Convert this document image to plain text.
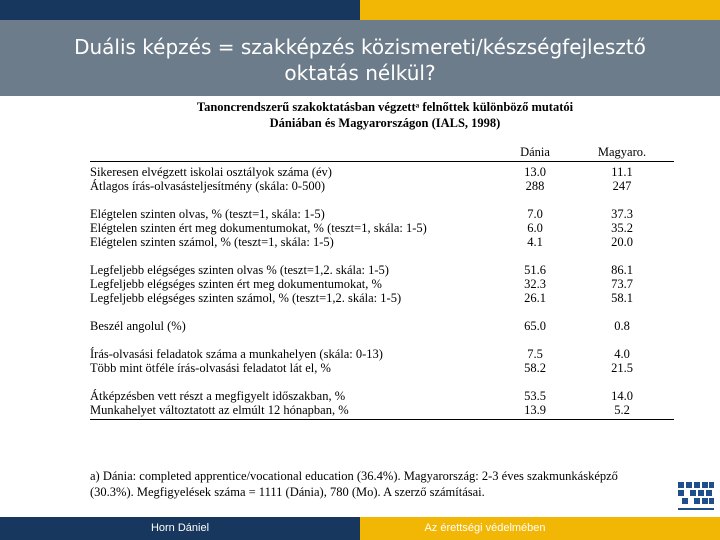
Duális képzés = szakképzés közismereti/készségfejlesztő
oktatás nélkül?
Tanoncrendszerű szakoktatásban végzettᵃ felnőttek különböző mutatói
Dániában és Magyarországon (IALS, 1998)
	Dánia	Magyaro.
Sikeresen elvégzett iskolai osztályok száma (év)	13.0	11.1
Átlagos írás-olvasásteljesítmény (skála: 0-500)	288	247

Elégtelen szinten olvas, % (teszt=1, skála: 1-5)	7.0	37.3
Elégtelen szinten ért meg dokumentumokat, % (teszt=1, skála: 1-5)	6.0	35.2
Elégtelen szinten számol, % (teszt=1, skála: 1-5)	4.1	20.0

Legfeljebb elégséges szinten olvas % (teszt=1,2. skála: 1-5)	51.6	86.1
Legfeljebb elégséges szinten ért meg dokumentumokat, %	32.3	73.7
Legfeljebb elégséges szinten számol, % (teszt=1,2. skála: 1-5)	26.1	58.1

Beszél angolul (%)	65.0	0.8

Írás-olvasási feladatok száma a munkahelyen (skála: 0-13)	7.5	4.0
Több mint ötféle írás-olvasási feladatot lát el, %	58.2	21.5

Átképzésben vett részt a megfigyelt időszakban, %	53.5	14.0
Munkahelyet változtatott az elmúlt 12 hónapban, %	13.9	5.2
a) Dánia: completed apprentice/vocational education (36.4%). Magyarország: 2-3 éves szakmunkásképző (30.3%). Megfigyelések száma = 1111 (Dánia), 780 (Mo). A szerző számításai.
Horn Dániel	Az érettségi védelmében
